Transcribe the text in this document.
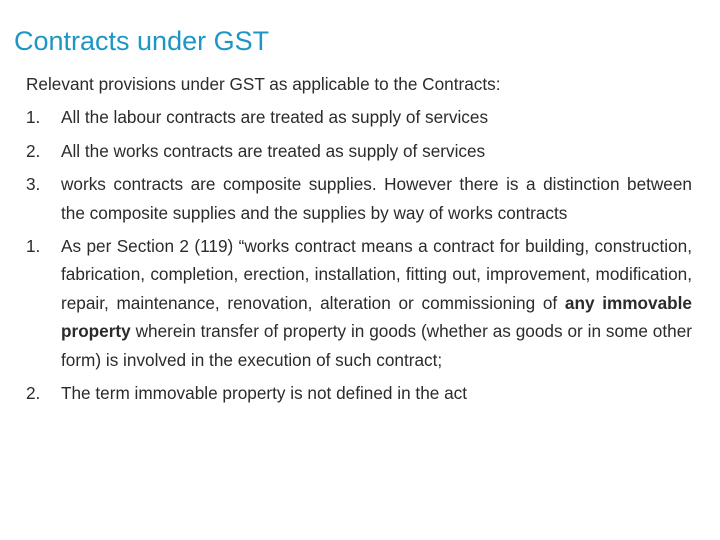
Contracts under GST

Relevant provisions under GST as applicable to the Contracts:

1.	All the labour contracts are treated as supply of services
2.	All the works contracts are treated as supply of services
3.	works contracts are composite supplies. However there is a distinction between the composite supplies and the supplies by way of works contracts
1.	As per Section 2 (119) “works contract means a contract for building, construction, fabrication, completion, erection, installation, fitting out, improvement, modification, repair, maintenance, renovation, alteration or commissioning of any immovable property wherein transfer of property in goods (whether as goods or in some other form) is involved in the execution of such contract;
2.	The term immovable property is not defined in the act
